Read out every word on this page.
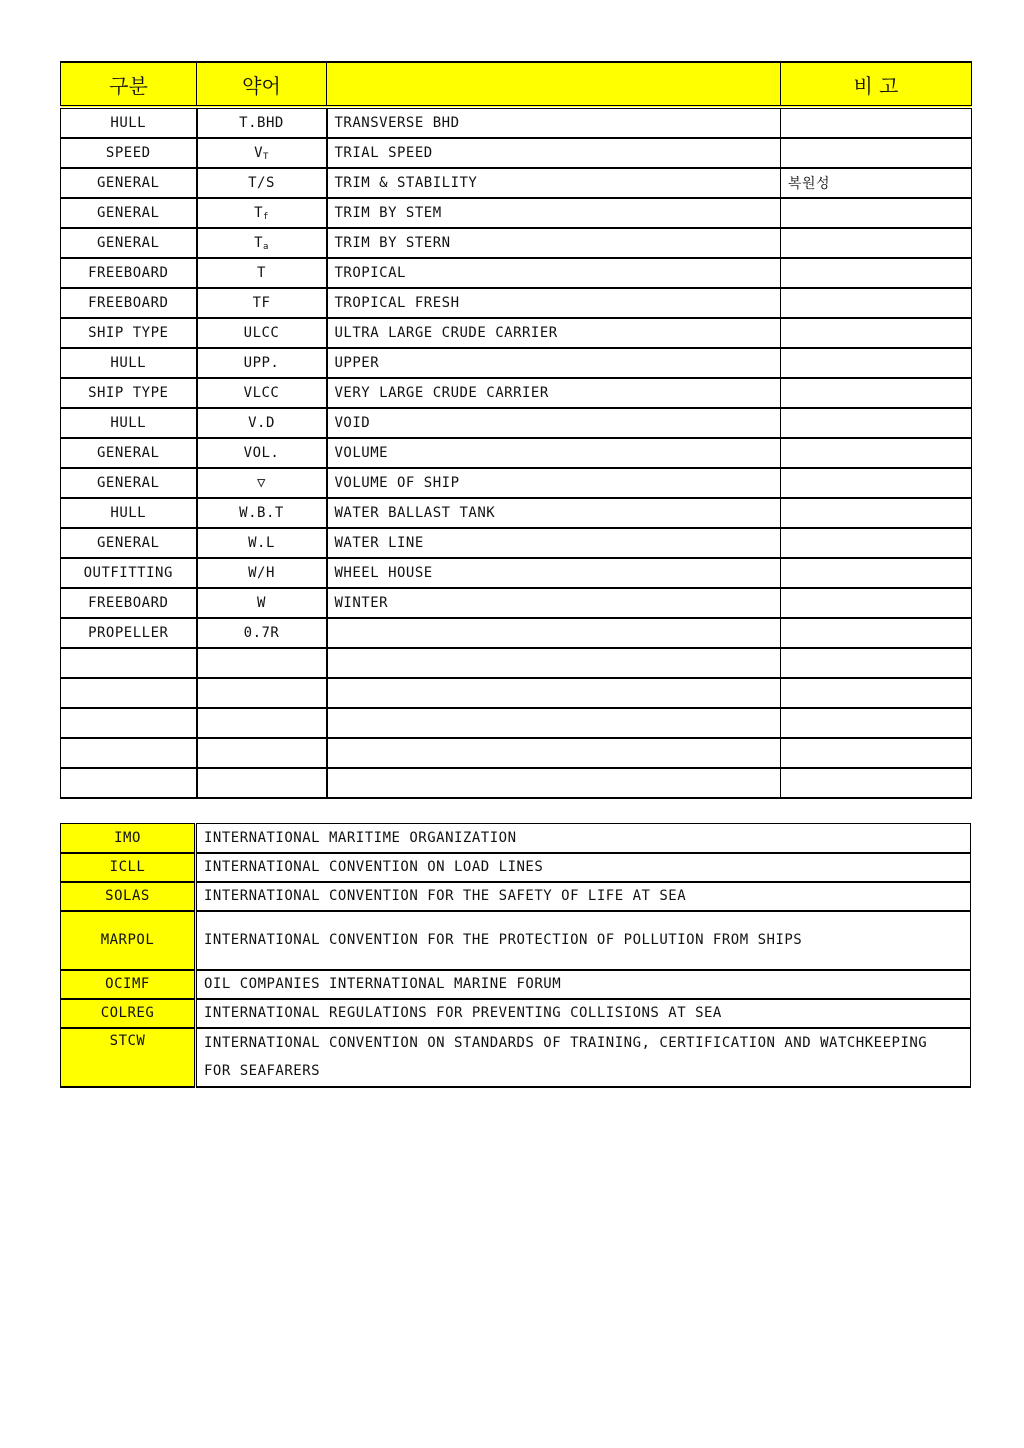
구분	약어		비 고
HULL	T.BHD	TRANSVERSE BHD	
SPEED	$V_T$	TRIAL SPEED	
GENERAL	T/S	TRIM & STABILITY	복원성
GENERAL	$T_f$	TRIM BY STEM	
GENERAL	$T_a$	TRIM BY STERN	
FREEBOARD	T	TROPICAL	
FREEBOARD	TF	TROPICAL FRESH	
SHIP TYPE	ULCC	ULTRA LARGE CRUDE CARRIER	
HULL	UPP.	UPPER	
SHIP TYPE	VLCC	VERY LARGE CRUDE CARRIER	
HULL	V.D	VOID	
GENERAL	VOL.	VOLUME	
GENERAL	▽	VOLUME OF SHIP	
HULL	W.B.T	WATER BALLAST TANK	
GENERAL	W.L	WATER LINE	
OUTFITTING	W/H	WHEEL HOUSE	
FREEBOARD	W	WINTER	
PROPELLER	0.7R		

IMO	INTERNATIONAL MARITIME ORGANIZATION
ICLL	INTERNATIONAL CONVENTION ON LOAD LINES
SOLAS	INTERNATIONAL CONVENTION FOR THE SAFETY OF LIFE AT SEA
MARPOL	INTERNATIONAL CONVENTION FOR THE PROTECTION OF POLLUTION FROM SHIPS
OCIMF	OIL COMPANIES INTERNATIONAL MARINE FORUM
COLREG	INTERNATIONAL REGULATIONS FOR PREVENTING COLLISIONS AT SEA
STCW	INTERNATIONAL CONVENTION ON STANDARDS OF TRAINING, CERTIFICATION AND WATCHKEEPING FOR SEAFARERS
